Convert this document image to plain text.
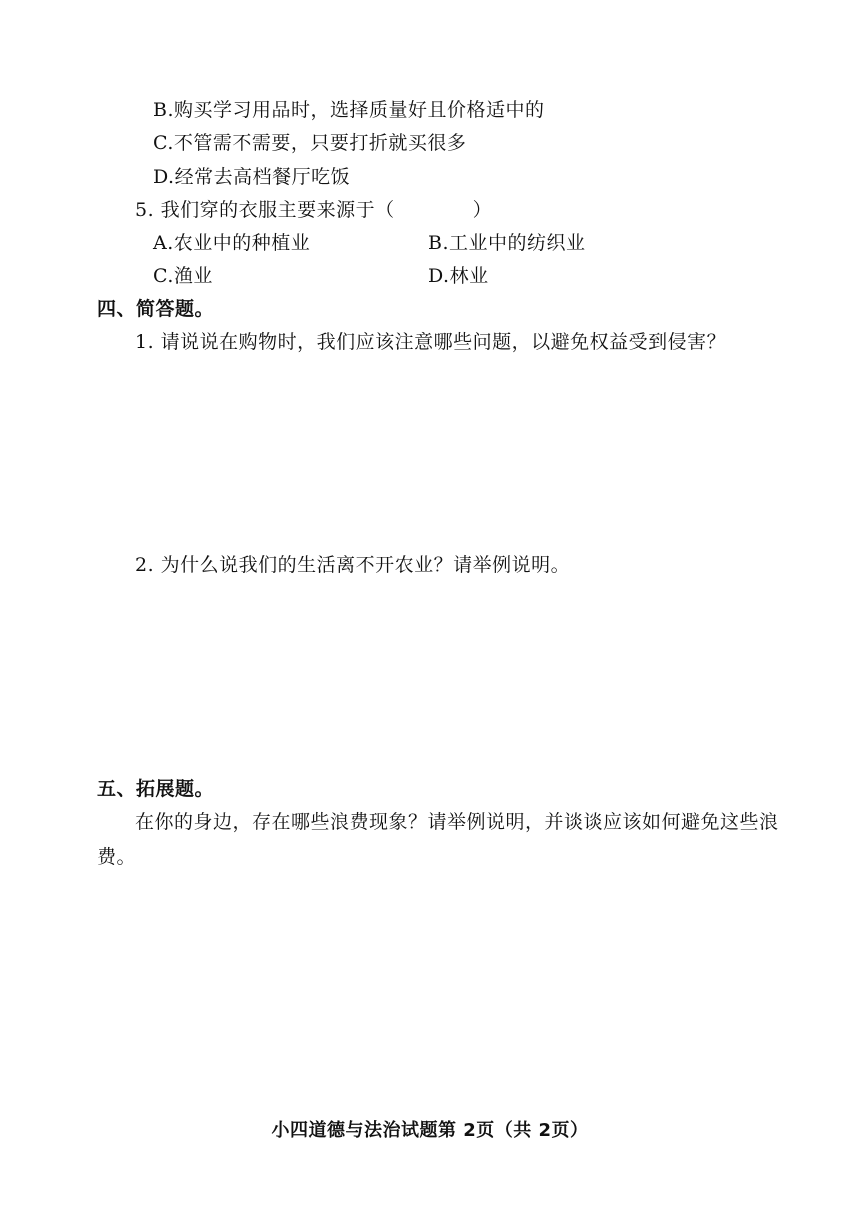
B.购买学习用品时，选择质量好且价格适中的
C.不管需不需要，只要打折就买很多
D.经常去高档餐厅吃饭
5. 我们穿的衣服主要来源于（　　　　）
A.农业中的种植业	B.工业中的纺织业
C.渔业	D.林业
四、简答题。
1. 请说说在购物时，我们应该注意哪些问题，以避免权益受到侵害？
2. 为什么说我们的生活离不开农业？请举例说明。
五、拓展题。
在你的身边，存在哪些浪费现象？请举例说明，并谈谈应该如何避免这些浪
费。
小四道德与法治试题第 2页（共 2页）
